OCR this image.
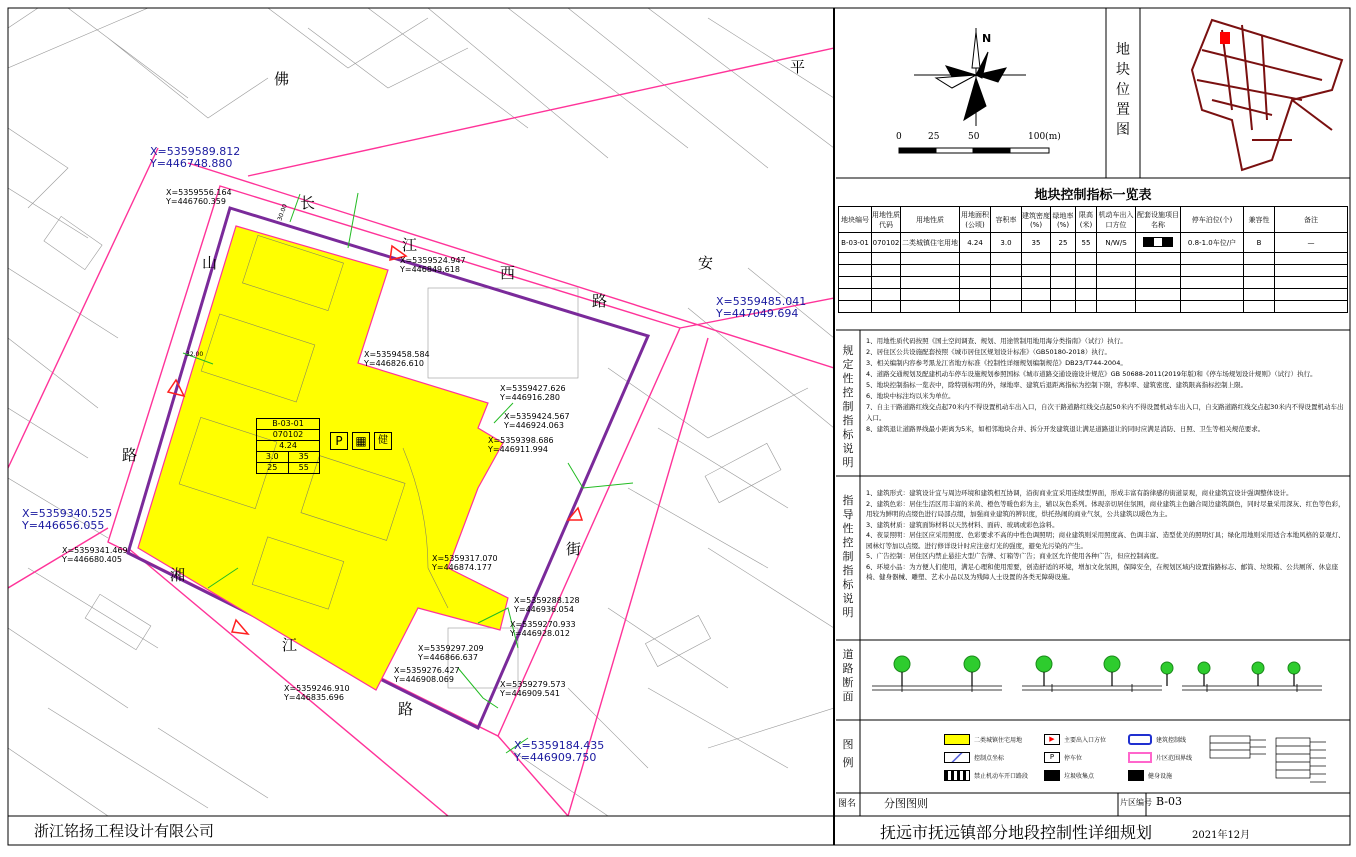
长
江
西
路
佛
山
路
湘
江
路
平
安
街
X=5359589.812
Y=446748.880
X=5359485.041
Y=447049.694
X=5359340.525
Y=446656.055
X=5359184.435
Y=446909.750
X=5359556.164
Y=446760.359
X=5359524.947
Y=446849.618
X=5359458.584
Y=446826.610
X=5359427.626
Y=446916.280
X=5359424.567
Y=446924.063
X=5359398.686
Y=446911.994
X=5359341.469
Y=446680.405	X=5359317.070
Y=446874.177
X=5359288.128
Y=446936.054
X=5359270.933
Y=446928.012
X=5359297.209
Y=446866.637
X=5359276.427
Y=446908.069
X=5359279.573
Y=446909.541
X=5359246.910
Y=446835.696
30.00
32.00
B-03-01
070102
4.24
3.0	35
25	55
P	▦	健
N
0	25	50	100(m)
地
块
位
置
图
地块控制指标一览表
地块编号	用地性质代码	用地性质	用地面积(公顷)	容积率	建筑密度(%)	绿地率(%)	限高(米)	机动车出入口方位	配套设施项目名称	停车泊位(个)	兼容性	备注
B-03-01	070102	二类城镇住宅用地	4.24	3.0	35	25	55	N/W/S		0.8-1.0车位/户	B	—

规
定
性
控
制
指
标
说
明
1、用地性质代码按照《国土空间调查、规划、用途管制用地用海分类指南》（试行）执行。
2、居住区公共设施配套按照《城市居住区规划设计标准》（GB50180-2018）执行。
3、相关编制内容参考黑龙江省地方标准《控制性详细规划编制规范》DB23/T744-2004。
4、道路交通规划及配建机动车停车设施规划参照国标《城市道路交通设施设计规范》GB 50688-2011(2019年版)和《停车场规划设计规则》（试行）执行。
5、地块控制指标一览表中，除特别标明的外，绿地率、建筑后退距离指标为控制下限，容积率、建筑密度、建筑限高指标控制上限。
6、地块中标注均以米为单位。
7、自主干路道路红线交点起70米内不得设置机动车出入口，自次干路道路红线交点起50米内不得设置机动车出入口，自支路道路红线交点起30米内不得设置机动车出入口。
8、建筑退让道路界线最小距离为5米，如相邻地块合并、拆分开发建筑退让满足道路退让的同时应满足消防、日照、卫生等相关规范要求。
指
导
性
控
制
指
标
说
明
1、建筑形式：建筑设计宜与周边环境和建筑相互协调，沿街商业宜采用连续型界面，形成丰富有韵律感的街道景观，商业建筑宜设计强调整体设计。
2、建筑色彩：居住生活区用丰富的米黄、橙色等暖色彩为主，辅以灰色系列。体现亲切居住氛围，商业建筑主色融合周边建筑颜色，同时尽量采用深灰、红色等色彩，用较为鲜明的点缀色进行局部点缀，加强商业建筑的辨识度，烘托热闹的商业气氛，公共建筑以暖色为主。
3、建筑材质：建筑面饰材料以天然材料、面砖、玻璃或彩色涂料。
4、夜景照明：居住区应采用照度、色彩要求不高的中性色调照明；商业建筑则采用照度高、色调丰富、造型优美的照明灯具；绿化用地则采用适合本地风格的景观灯、园林灯等加以点缀。进行修详设计时应注意灯光的强度，避免光污染的产生。
5、广告控制：居住区内禁止悬挂大型广告牌、灯箱等广告；商业区允许使用各种广告，但应控制高度。
6、环境小品：为方便人们使用，满足心理和使用需要，创造舒适的环境，增加文化氛围，保障安全，在规划区域内设置指路标志、邮筒、垃圾箱、公共厕所、休息座椅、健身器械、雕塑、艺术小品以及为残障人士设置的各类无障碍设施。
道
路
断
面
图
例
二类城镇住宅用地	▶	主要出入口方位	建筑控制线
控制点坐标	P	停车位	片区范围界线
禁止机动车开口路段	垃圾收集点	健身设施
图名	分图图则	片区编号 B-03
浙江铭扬工程设计有限公司	抚远市抚远镇部分地段控制性详细规划	2021年12月
